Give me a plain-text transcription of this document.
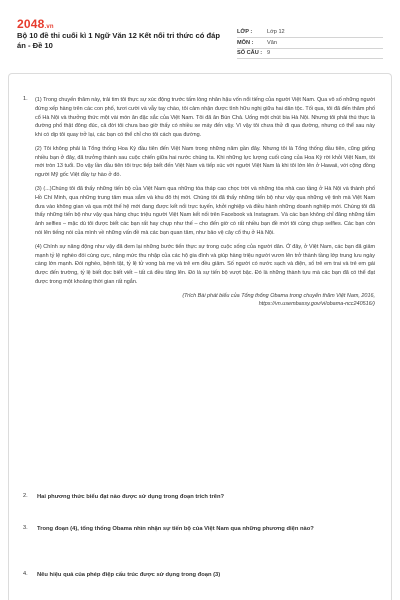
2048.vn
Bộ 10 đề thi cuối kì 1 Ngữ Văn 12 Kết nối tri thức có đáp án - Đề 10
LỚP :	Lớp 12
MÔN :	Văn
SỐ CÂU :	9
1. (1) Trong chuyến thăm này, trải tim tôi thực sự xúc động trước tấm lòng nhân hậu vốn nổi tiếng của người Việt Nam. Qua vô số những người đứng xếp hàng trên các con phố, tươi cười và vẫy tay chào, tôi cảm nhận được tình hữu nghị giữa hai dân tộc. Tối qua, tôi đã đến thăm phố cổ Hà Nội và thưởng thức một vài món ăn đặc sắc của Việt Nam. Tôi đã ăn Bún Chả. Uống một chút bia Hà Nội. Nhưng tôi phải thú thực là đường phố thật đông đúc, cả đời tôi chưa bao giờ thấy có nhiều xe máy đến vậy. Vì vậy tôi chưa thử đi qua đường, nhưng có thể sau này khi có dịp tôi quay trở lại, các bạn có thể chỉ cho tôi cách qua đường.

(2) Tôi không phải là Tổng thống Hoa Kỳ đầu tiên đến Việt Nam trong những năm gần đây. Nhưng tôi là Tổng thống đầu tiên, cũng giống nhiều bạn ở đây, đã trưởng thành sau cuộc chiến giữa hai nước chúng ta. Khi những lực lượng cuối cùng của Hoa Kỳ rời khỏi Việt Nam, tôi mới tròn 13 tuổi. Do vậy lần đầu tiên tôi trực tiếp biết đến Việt Nam và tiếp xúc với người Việt Nam là khi tôi lớn lên ở Hawaii, với cộng đồng người Mỹ gốc Việt đầy tự hào ở đó.

(3) (...)Chúng tôi đã thấy những tiến bộ của Việt Nam qua những tòa tháp cao chọc trời và những tòa nhà cao tầng ở Hà Nội và thành phố Hồ Chí Minh, qua những trung tâm mua sắm và khu đô thị mới. Chúng tôi đã thấy những tiến bộ như vậy qua những vệ tinh mà Việt Nam đưa vào không gian và qua một thế hệ mới đang được kết nối trực tuyến, khởi nghiệp và điều hành những doanh nghiệp mới. Chúng tôi đã thấy những tiến bộ như vậy qua hàng chục triệu người Việt Nam kết nối trên Facebook và Instagram. Và các bạn không chỉ đăng những tấm ảnh selfies – mặc dù tôi được biết các bạn rất hay chụp như thế – cho đến giờ có rất nhiều bạn đề mời tôi cùng chụp selfies. Các bạn còn nói lên tiếng nói của mình về những vấn đề mà các bạn quan tâm, như bảo vệ cây cổ thụ ở Hà Nội.

(4) Chính sự năng động như vậy đã đem lại những bước tiến thực sự trong cuộc sống của người dân. Ở đây, ở Việt Nam, các bạn đã giảm mạnh tỷ lệ nghèo đói cùng cực, nâng mức thu nhập của các hộ gia đình và giúp hàng triệu người vươn lên trở thành tầng lớp trung lưu ngày càng lớn mạnh. Đói nghèo, bệnh tật, tỷ lệ tử vong bà mẹ và trẻ em đều giảm. Số người có nước sạch và điện, số trẻ em trai và trẻ em gái được đến trường, tỷ lệ biết đọc biết viết – tất cả đều tăng lên. Đó là sự tiến bộ vượt bậc. Đó là những thành tựu mà các bạn đã có thể đạt được trong một khoảng thời gian rất ngắn.

(Trích Bài phát biểu của Tổng thống Obama trong chuyến thăm Việt Nam, 2016,
https://vn.usembassy.gov/vi/obama-ncc240516/)
2. Hai phương thức biểu đạt nào được sử dụng trong đoạn trích trên?
3. Trong đoạn (4), tổng thống Obama nhìn nhận sự tiến bộ của Việt Nam qua những phương diện nào?
4. Nêu hiệu quả của phép điệp cấu trúc được sử dụng trong đoạn (3)
